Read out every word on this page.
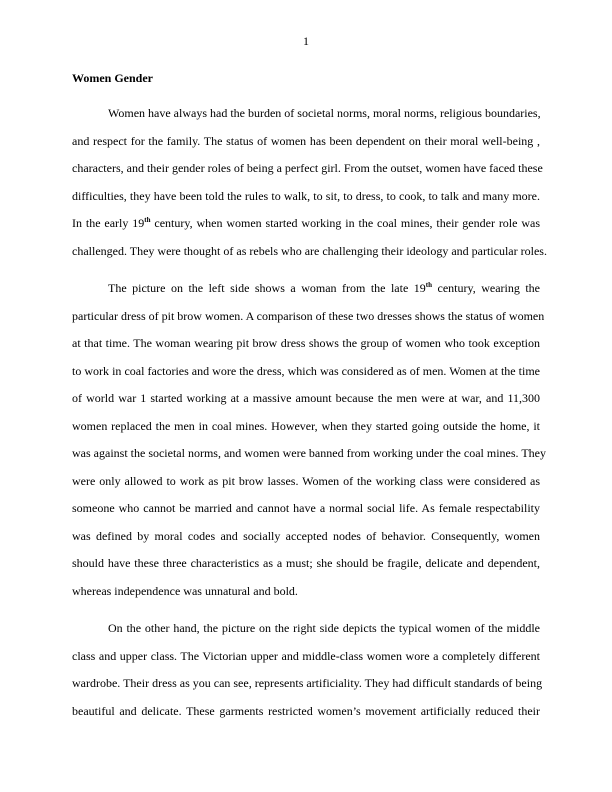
1
Women Gender
Women have always had the burden of societal norms, moral norms, religious boundaries,
and respect for the family. The status of women has been dependent on their moral well-being ,
characters, and their gender roles of being a perfect girl. From the outset, women have faced these
difficulties, they have been told the rules to walk, to sit, to dress, to cook, to talk and many more.
In the early 19th century, when women started working in the coal mines, their gender role was
challenged. They were thought of as rebels who are challenging their ideology and particular roles.
The picture on the left side shows a woman from the late 19th century, wearing the
particular dress of pit brow women. A comparison of these two dresses shows the status of women
at that time. The woman wearing pit brow dress shows the group of women who took exception
to work in coal factories and wore the dress, which was considered as of men. Women at the time
of world war 1 started working at a massive amount because the men were at war, and 11,300
women replaced the men in coal mines. However, when they started going outside the home, it
was against the societal norms, and women were banned from working under the coal mines. They
were only allowed to work as pit brow lasses. Women of the working class were considered as
someone who cannot be married and cannot have a normal social life. As female respectability
was defined by moral codes and socially accepted nodes of behavior. Consequently, women
should have these three characteristics as a must; she should be fragile, delicate and dependent,
whereas independence was unnatural and bold.
On the other hand, the picture on the right side depicts the typical women of the middle
class and upper class. The Victorian upper and middle-class women wore a completely different
wardrobe. Their dress as you can see, represents artificiality. They had difficult standards of being
beautiful and delicate. These garments restricted women’s movement artificially reduced their
